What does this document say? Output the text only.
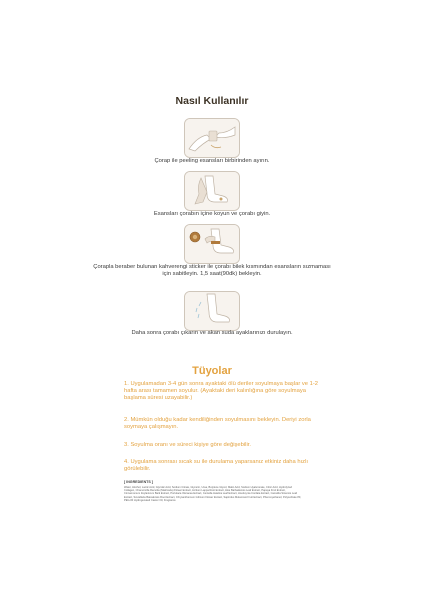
Nasıl Kullanılır
Çorap ile peeling esansları birbirinden ayırın.
Esansları çorabın içine koyun ve çorabı giyin.
Çorapla beraber bulunan kahverengi sticker ile çorabı bilek kısmından esansların sızmaması için sabitleyin. 1,5 saat(90dk) bekleyin.
Daha sonra çorabı çıkarın ve akan suda ayaklarınızı durulayın.
Tüyolar
1. Uygulamadan 3-4 gün sonra ayaktaki ölü deriler soyulmaya başlar ve 1-2 hafta arası tamamen soyulur. (Ayaktaki deri kalınlığına göre soyulmaya başlama süresi uzayabilir.)
2. Mümkün olduğu kadar kendiliğinden soyulmasını bekleyin. Deriyi zorla soymaya çalışmayın.
3. Soyulma oranı ve süreci kişiye göre değişebilir.
4. Uygulama sonrası sıcak su ile durulama yaparsanız etkiniz daha hızlı görülebilir.
[ INGREDIENTS ]
Water, Alcohol, Lactic Acid, Glycolic Acid, Sodium Citrate, Glycerin, Urea, Butylene Glycol, Malic Acid, Sodium Hyaluronate, Citric Acid, Hydrolyzed Collagen, Chamomilla Recutita (Matricaria) Flower Extract, Arctium Lappa Root Extract, Aloe Barbadensis Leaf Extract, Papaya Fruit Extract, Cinnamomum Zeylanicum Bark Extract, Portulaca Oleracea Extract, Centella Asiatica Leaf Extract, Houttuynia Cordata Extract, Camellia Sinensis Leaf Extract, Scutellaria Baicalensis Root Extract, Chrysanthemum Indicum Flower Extract, Sapindus Mukurossi Fruit Extract, Phenoxyethanol, Polysorbate 80, PEG-60 Hydrogenated Castor Oil, Fragrance
